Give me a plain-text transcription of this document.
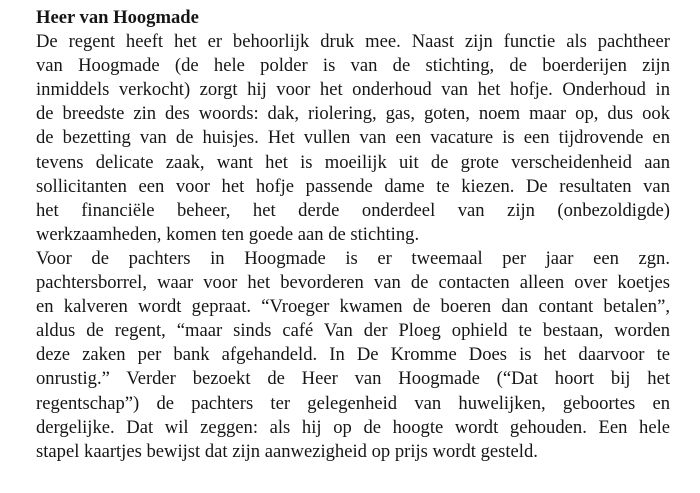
Heer van Hoogmade

De regent heeft het er behoorlijk druk mee. Naast zijn functie als pachtheer
van Hoogmade (de hele polder is van de stichting, de boerderijen zijn
inmiddels verkocht) zorgt hij voor het onderhoud van het hofje. Onderhoud in
de breedste zin des woords: dak, riolering, gas, goten, noem maar op, dus ook
de bezetting van de huisjes. Het vullen van een vacature is een tijdrovende en
tevens delicate zaak, want het is moeilijk uit de grote verscheidenheid aan
sollicitanten een voor het hofje passende dame te kiezen. De resultaten van
het financiële beheer, het derde onderdeel van zijn (onbezoldigde)
werkzaamheden, komen ten goede aan de stichting.

Voor de pachters in Hoogmade is er tweemaal per jaar een zgn.
pachtersborrel, waar voor het bevorderen van de contacten alleen over koetjes
en kalveren wordt gepraat. “Vroeger kwamen de boeren dan contant betalen”,
aldus de regent, “maar sinds café Van der Ploeg ophield te bestaan, worden
deze zaken per bank afgehandeld. In De Kromme Does is het daarvoor te
onrustig.” Verder bezoekt de Heer van Hoogmade (“Dat hoort bij het
regentschap”) de pachters ter gelegenheid van huwelijken, geboortes en
dergelijke. Dat wil zeggen: als hij op de hoogte wordt gehouden. Een hele
stapel kaartjes bewijst dat zijn aanwezigheid op prijs wordt gesteld.
